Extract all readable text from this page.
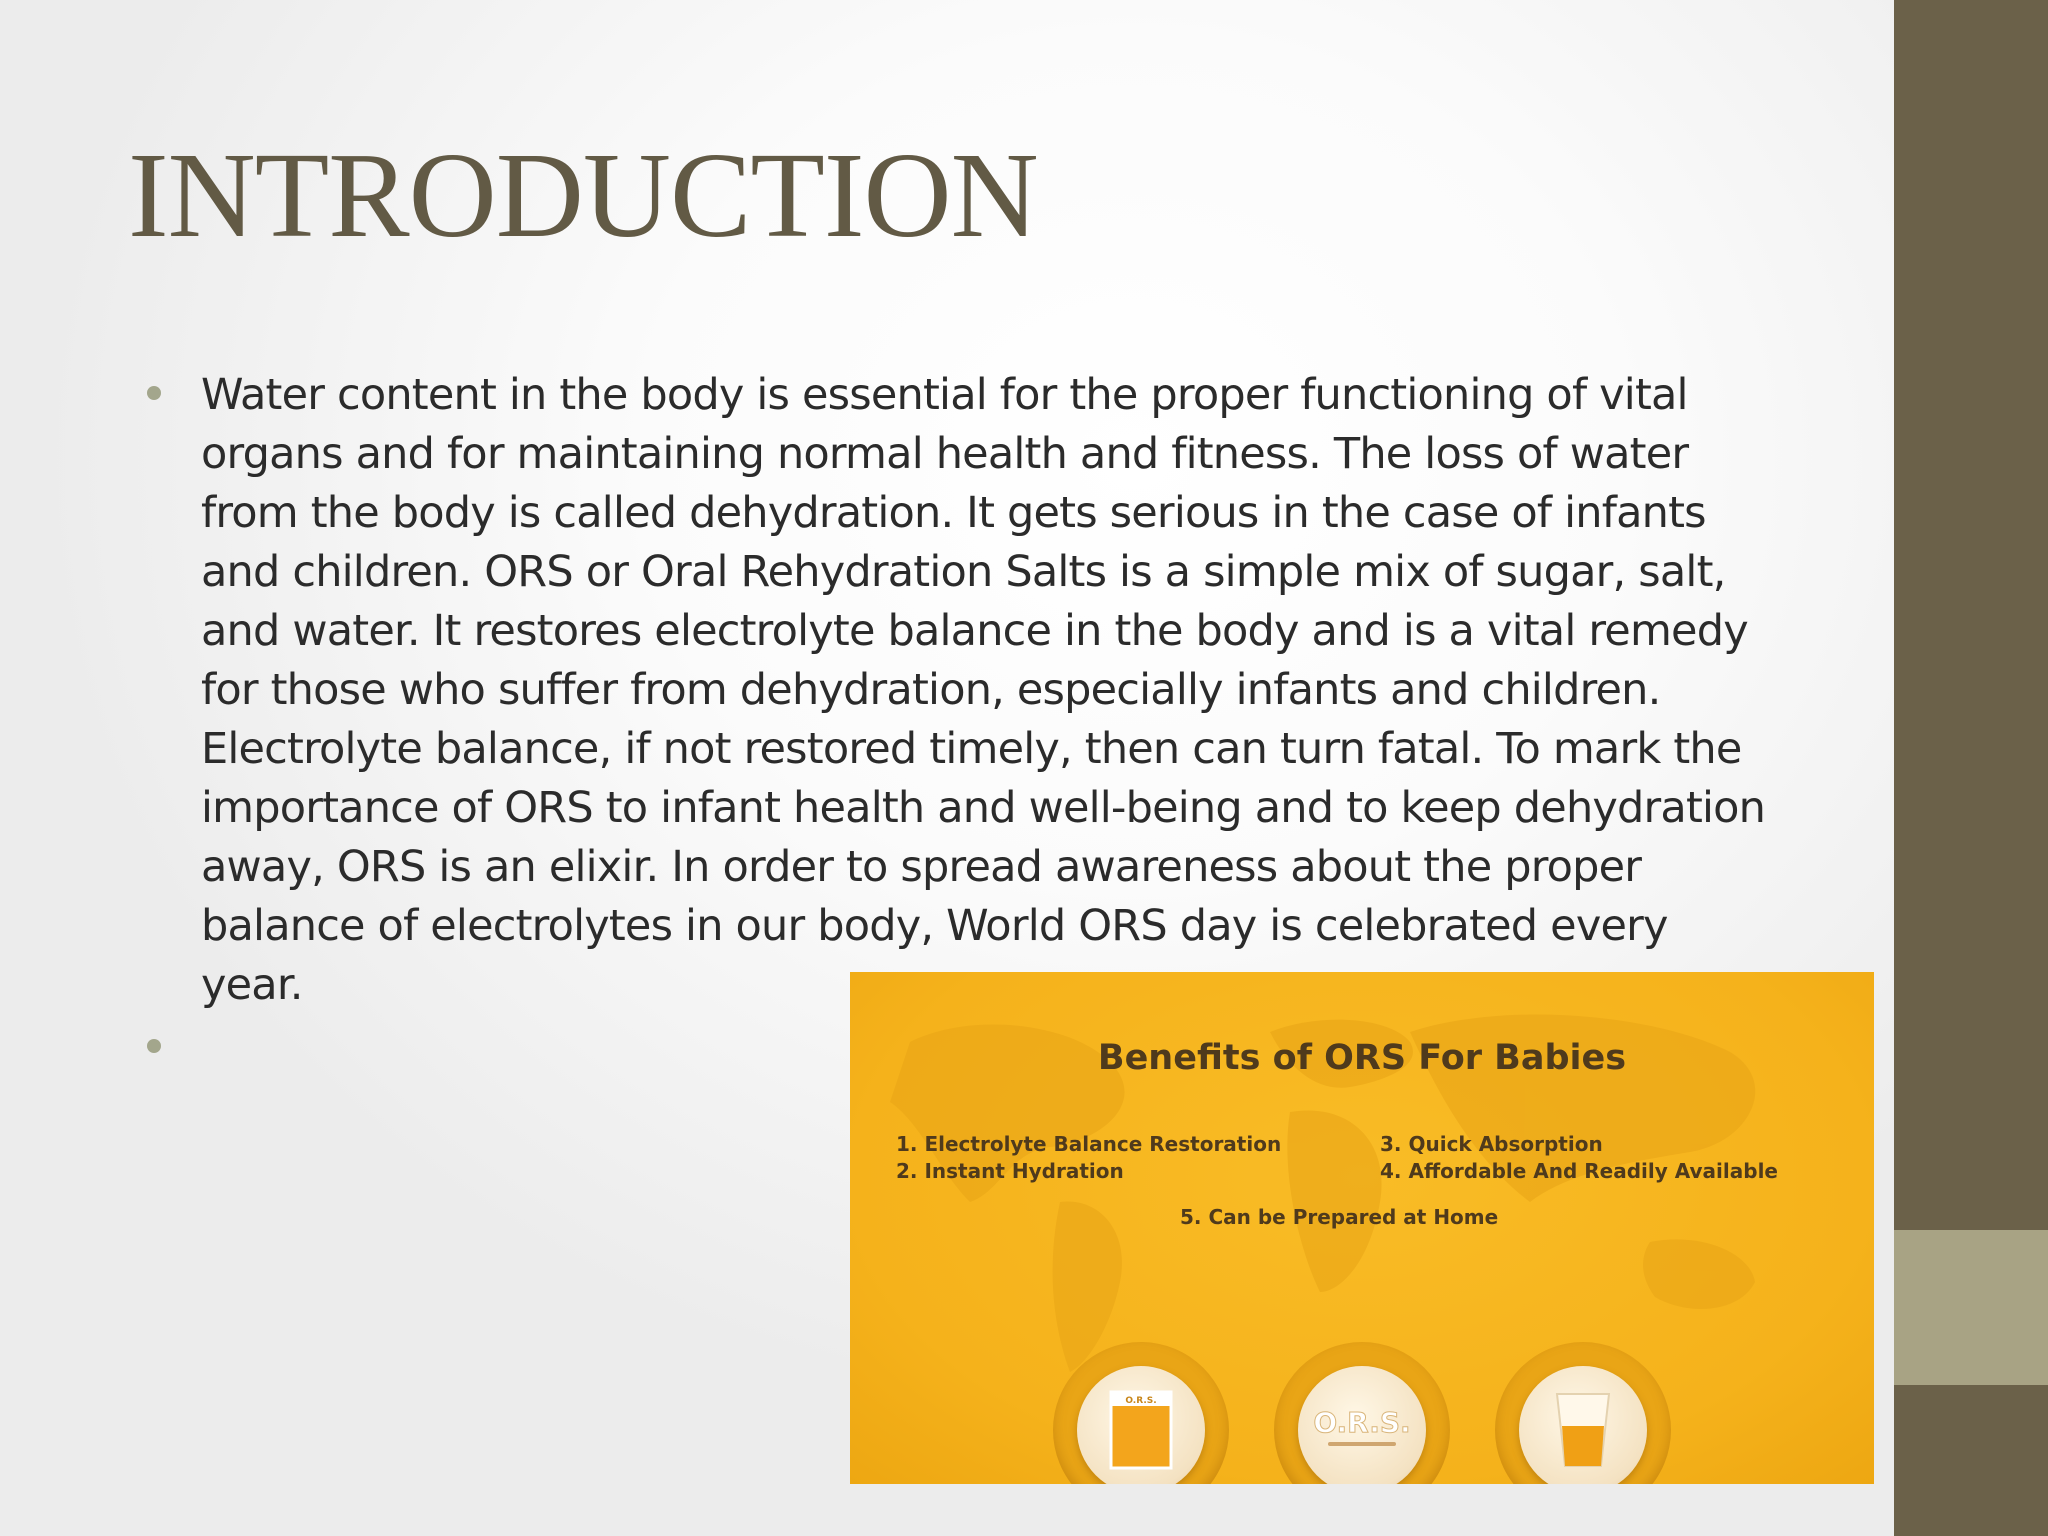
INTRODUCTION
Water content in the body is essential for the proper functioning of vital organs and for maintaining normal health and fitness. The loss of water from the body is called dehydration. It gets serious in the case of infants and children. ORS or Oral Rehydration Salts is a simple mix of sugar, salt, and water. It restores electrolyte balance in the body and is a vital remedy for those who suffer from dehydration, especially infants and children. Electrolyte balance, if not restored timely, then can turn fatal. To mark the importance of ORS to infant health and well-being and to keep dehydration away, ORS is an elixir. In order to spread awareness about the proper balance of electrolytes in our body, World ORS day is celebrated every year.
Benefits of ORS For Babies
1. Electrolyte Balance Restoration
2. Instant Hydration
3. Quick Absorption
4. Affordable And Readily Available
5. Can be Prepared at Home
O.R.S.
O.R.S.
